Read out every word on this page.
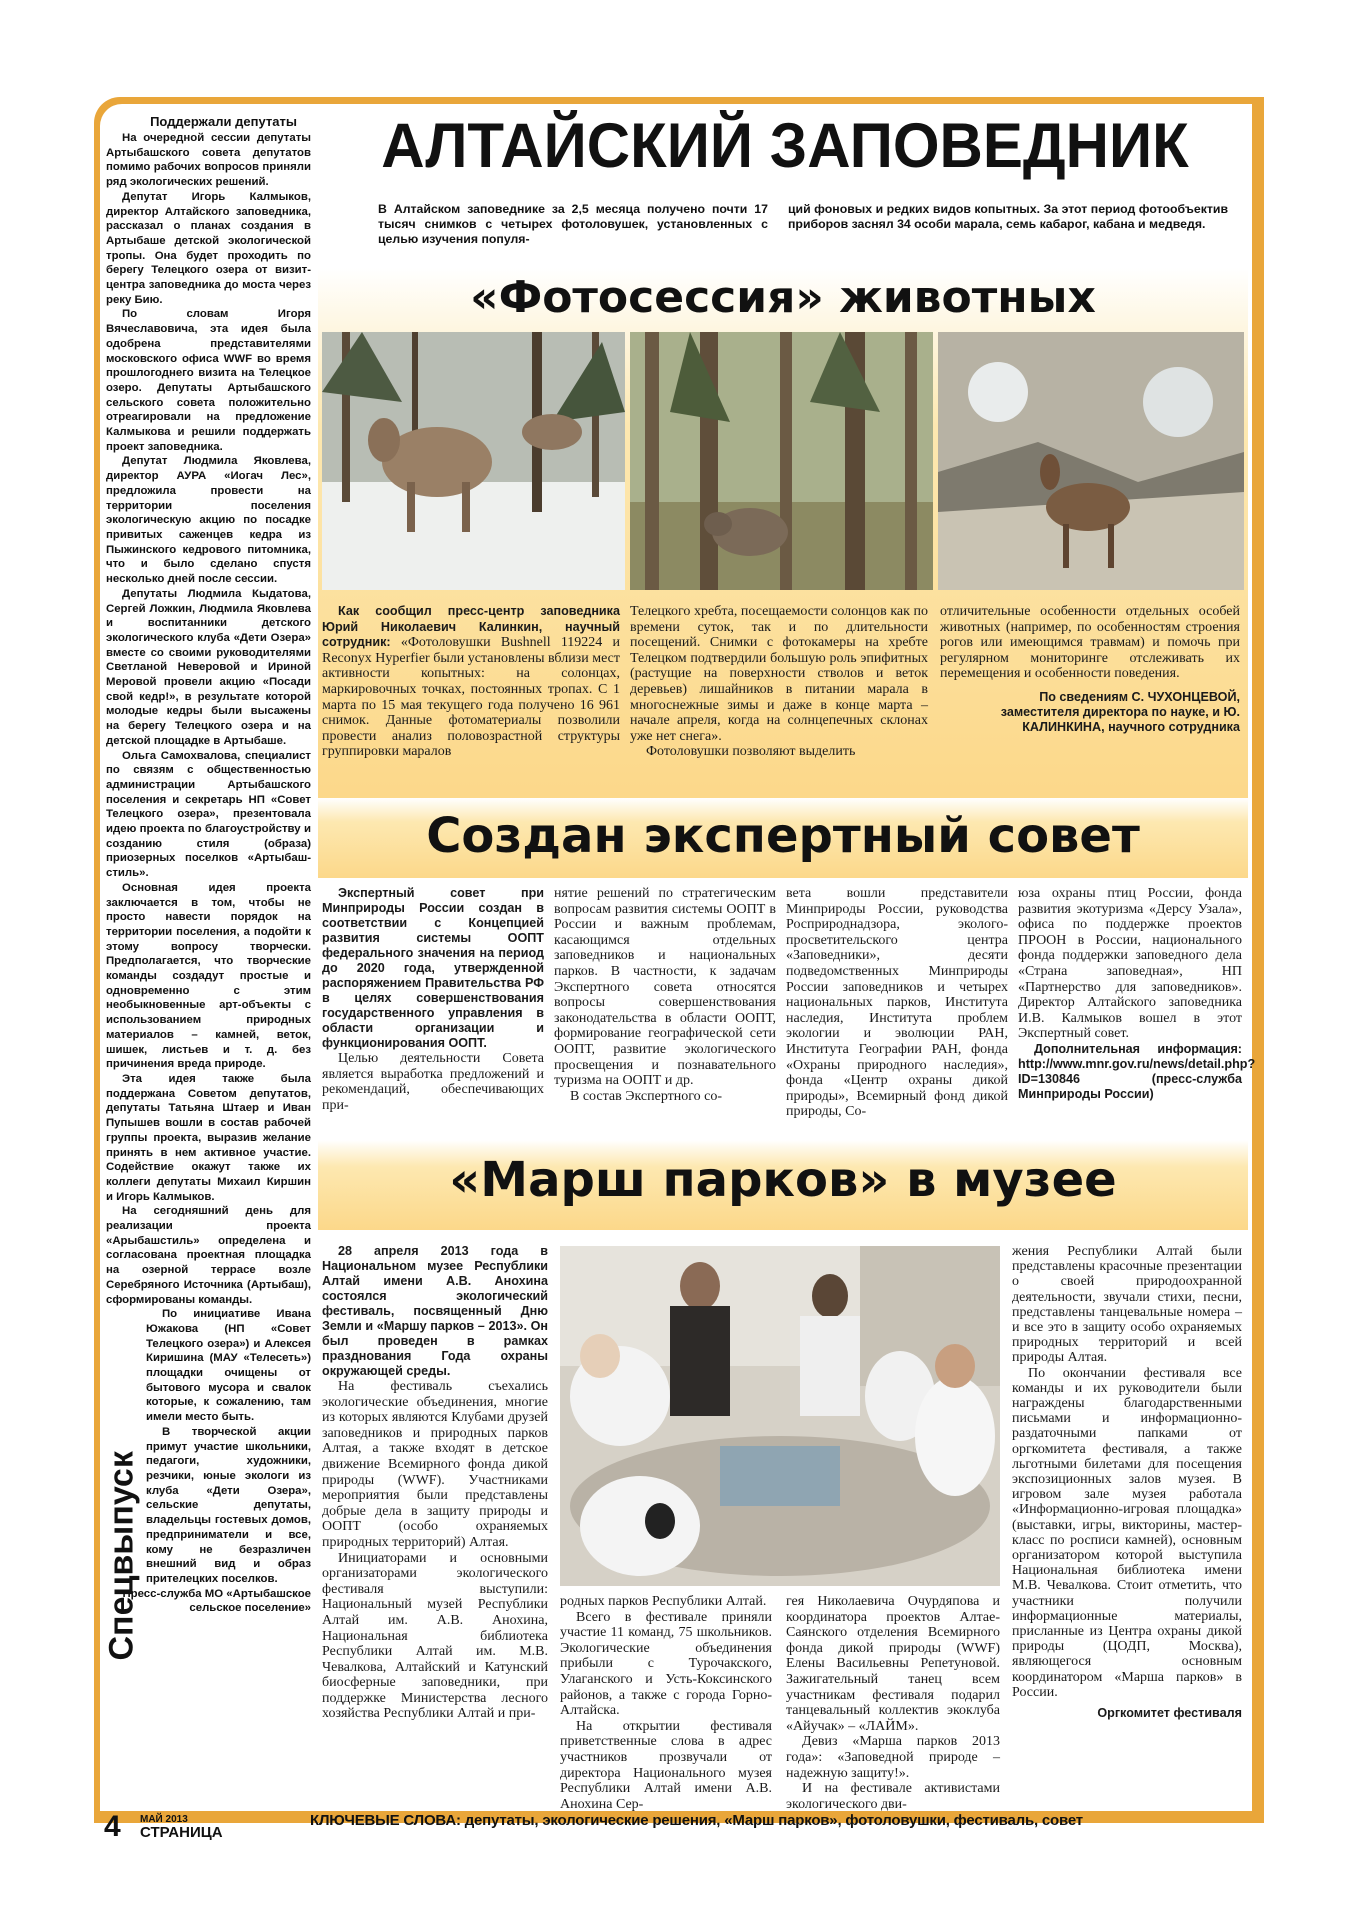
Поддержали депутаты

На очередной сессии депутаты Артыбашского совета депутатов помимо рабочих вопросов приняли ряд экологических решений.

Депутат Игорь Калмыков, директор Алтайского заповедника, рассказал о планах создания в Артыбаше детской экологической тропы. Она будет проходить по берегу Телецкого озера от визит-центра заповедника до моста через реку Бию.

По словам Игоря Вячеславовича, эта идея была одобрена представителями московского офиса WWF во время прошлогоднего визита на Телецкое озеро. Депутаты Артыбашского сельского совета положительно отреагировали на предложение Калмыкова и решили поддержать проект заповедника.

Депутат Людмила Яковлева, директор АУРА «Иогач Лес», предложила провести на территории поселения экологическую акцию по посадке привитых саженцев кедра из Пыжинского кедрового питомника, что и было сделано спустя несколько дней после сессии.

Депутаты Людмила Кыдатова, Сергей Ложкин, Людмила Яковлева и воспитанники детского экологического клуба «Дети Озера» вместе со своими руководителями Светланой Неверовой и Ириной Меровой провели акцию «Посади свой кедр!», в результате которой молодые кедры были высажены на берегу Телецкого озера и на детской площадке в Артыбаше.

Ольга Самохвалова, специалист по связям с общественностью администрации Артыбашского поселения и секретарь НП «Совет Телецкого озера», презентовала идею проекта по благоустройству и созданию стиля (образа) приозерных поселков «Артыбаш-стиль».

Основная идея проекта заключается в том, чтобы не просто навести порядок на территории поселения, а подойти к этому вопросу творчески. Предполагается, что творческие команды создадут простые и одновременно с этим необыкновенные арт-объекты с использованием природных материалов – камней, веток, шишек, листьев и т. д. без причинения вреда природе.

Эта идея также была поддержана Советом депутатов, депутаты Татьяна Штаер и Иван Пупышев вошли в состав рабочей группы проекта, выразив желание принять в нем активное участие. Содействие окажут также их коллеги депутаты Михаил Киршин и Игорь Калмыков.

На сегодняшний день для реализации проекта «Арыбашстиль» определена и согласована проектная площадка на озерной террасе возле Серебряного Источника (Артыбаш), сформированы команды.

По инициативе Ивана Южакова (НП «Совет Телецкого озера») и Алексея Киришина (МАУ «Телесеть») площадки очищены от бытового мусора и свалок которые, к сожалению, там имели место быть.

В творческой акции примут участие школьники, педагоги, художники, резчики, юные экологи из клуба «Дети Озера», сельские депутаты, владельцы гостевых домов, предприниматели и все, кому не безразличен внешний вид и образ прителецких поселков.

Пресс-служба МО «Артыбашское сельское поселение»

Спецвыпуск
АЛТАЙСКИЙ ЗАПОВЕДНИК
В Алтайском заповеднике за 2,5 месяца получено почти 17 тысяч снимков с четырех фотоловушек, установленных с целью изучения популя-
ций фоновых и редких видов копытных. За этот период фотообъектив приборов заснял 34 особи марала, семь кабарог, кабана и медведя.
«Фотосессия» животных

Как сообщил пресс-центр заповедника Юрий Николаевич Калинкин, научный сотрудник: «Фотоловушки Bushnell 119224 и Reconyx Hyperfier были установлены вблизи мест активности копытных: на солонцах, маркировочных точках, постоянных тропах. С 1 марта по 15 мая текущего года получено 16 961 снимок. Данные фотоматериалы позволили провести анализ половозрастной структуры группировки маралов

Телецкого хребта, посещаемости солонцов как по времени суток, так и по длительности посещений. Снимки с фотокамеры на хребте Телецком подтвердили большую роль эпифитных (растущие на поверхности стволов и веток деревьев) лишайников в питании марала в многоснежные зимы и даже в конце марта – начале апреля, когда на солнцепечных склонах уже нет снега».

Фотоловушки позволяют выделить

отличительные особенности отдельных особей животных (например, по особенностям строения рогов или имеющимся травмам) и помочь при регулярном мониторинге отслеживать их перемещения и особенности поведения.

По сведениям С. ЧУХОНЦЕВОЙ, заместителя директора по науке, и Ю. КАЛИНКИНА, научного сотрудника

Создан экспертный совет

Экспертный совет при Минприроды России создан в соответствии с Концепцией развития системы ООПТ федерального значения на период до 2020 года, утвержденной распоряжением Правительства РФ в целях совершенствования государственного управления в области организации и функционирования ООПТ.

Целью деятельности Совета является выработка предложений и рекомендаций, обеспечивающих при-

нятие решений по стратегическим вопросам развития системы ООПТ в России и важным проблемам, касающимся отдельных заповедников и национальных парков. В частности, к задачам Экспертного совета относятся вопросы совершенствования законодательства в области ООПТ, формирование географической сети ООПТ, развитие экологического просвещения и познавательного туризма на ООПТ и др.

В состав Экспертного со-

вета вошли представители Минприроды России, руководства Росприроднадзора, эколого-просветительского центра «Заповедники», десяти подведомственных Минприроды России заповедников и четырех национальных парков, Института наследия, Института проблем экологии и эволюции РАН, Института Географии РАН, фонда «Охраны природного наследия», фонда «Центр охраны дикой природы», Всемирный фонд дикой природы, Со-

юза охраны птиц России, фонда развития экотуризма «Дерсу Узала», офиса по поддержке проектов ПРООН в России, национального фонда поддержки заповедного дела «Страна заповедная», НП «Партнерство для заповедников». Директор Алтайского заповедника И.В. Калмыков вошел в этот Экспертный совет.

Дополнительная информация: http://www.mnr.gov.ru/news/detail.php?ID=130846 (пресс-служба Минприроды России)

«Марш парков» в музее

28 апреля 2013 года в Национальном музее Республики Алтай имени А.В. Анохина состоялся экологический фестиваль, посвященный Дню Земли и «Маршу парков – 2013». Он был проведен в рамках празднования Года охраны окружающей среды.

На фестиваль съехались экологические объединения, многие из которых являются Клубами друзей заповедников и природных парков Алтая, а также входят в детское движение Всемирного фонда дикой природы (WWF). Участниками мероприятия были представлены добрые дела в защиту природы и ООПТ (особо охраняемых природных территорий) Алтая.

Инициаторами и основными организаторами экологического фестиваля выступили: Национальный музей Республики Алтай им. А.В. Анохина, Национальная библиотека Республики Алтай им. М.В. Чевалкова, Алтайский и Катунский биосферные заповедники, при поддержке Министерства лесного хозяйства Республики Алтай и при-

родных парков Республики Алтай.

Всего в фестивале приняли участие 11 команд, 75 школьников. Экологические объединения прибыли с Турочакского, Улаганского и Усть-Коксинского районов, а также с города Горно-Алтайска.

На открытии фестиваля приветственные слова в адрес участников прозвучали от директора Национального музея Республики Алтай имени А.В. Анохина Сер-

гея Николаевича Очурдяпова и координатора проектов Алтае-Саянского отделения Всемирного фонда дикой природы (WWF) Елены Васильевны Репетуновой. Зажигательный танец всем участникам фестиваля подарил танцевальный коллектив экоклуба «Айучак» – «ЛАЙМ».

Девиз «Марша парков 2013 года»: «Заповедной природе – надежную защиту!».

И на фестивале активистами экологического дви-

жения Республики Алтай были представлены красочные презентации о своей природоохранной деятельности, звучали стихи, песни, представлены танцевальные номера – и все это в защиту особо охраняемых природных территорий и всей природы Алтая.

По окончании фестиваля все команды и их руководители были награждены благодарственными письмами и информационно-раздаточными папками от оргкомитета фестиваля, а также льготными билетами для посещения экспозиционных залов музея. В игровом зале музея работала «Информационно-игровая площадка» (выставки, игры, викторины, мастер-класс по росписи камней), основным организатором которой выступила Национальная библиотека имени М.В. Чевалкова. Стоит отметить, что участники получили информационные материалы, присланные из Центра охраны дикой природы (ЦОДП, Москва), являющегося основным координатором «Марша парков» в России.

Оргкомитет фестиваля

4 МАЙ 2013
СТРАНИЦА
КЛЮЧЕВЫЕ СЛОВА: депутаты, экологические решения, «Марш парков», фотоловушки, фестиваль, совет
